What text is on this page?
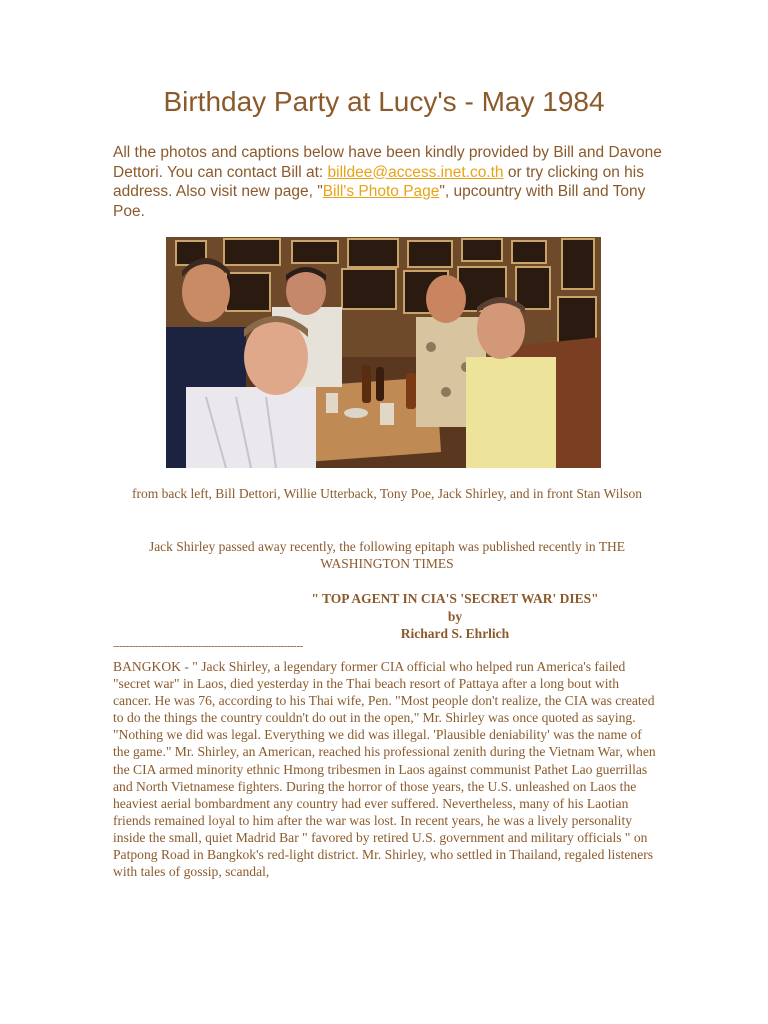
Birthday Party at Lucy's - May 1984

All the photos and captions below have been kindly provided by Bill and Davone Dettori. You can contact Bill at: billdee@access.inet.co.th or try clicking on his address. Also visit new page, "Bill's Photo Page", upcountry with Bill and Tony Poe.

from back left, Bill Dettori, Willie Utterback, Tony Poe, Jack Shirley, and in front Stan Wilson

Jack Shirley passed away recently, the following epitaph was published recently in THE WASHINGTON TIMES

" TOP AGENT IN CIA'S 'SECRET WAR' DIES"
by
Richard S. Ehrlich
------------------------------------------------------------

BANGKOK - " Jack Shirley, a legendary former CIA official who helped run America's failed "secret war" in Laos, died yesterday in the Thai beach resort of Pattaya after a long bout with cancer. He was 76, according to his Thai wife, Pen. "Most people don't realize, the CIA was created to do the things the country couldn't do out in the open," Mr. Shirley was once quoted as saying. "Nothing we did was legal. Everything we did was illegal. 'Plausible deniability' was the name of the game." Mr. Shirley, an American, reached his professional zenith during the Vietnam War, when the CIA armed minority ethnic Hmong tribesmen in Laos against communist Pathet Lao guerrillas and North Vietnamese fighters. During the horror of those years, the U.S. unleashed on Laos the heaviest aerial bombardment any country had ever suffered. Nevertheless, many of his Laotian friends remained loyal to him after the war was lost. In recent years, he was a lively personality inside the small, quiet Madrid Bar " favored by retired U.S. government and military officials " on Patpong Road in Bangkok's red-light district. Mr. Shirley, who settled in Thailand, regaled listeners with tales of gossip, scandal,
